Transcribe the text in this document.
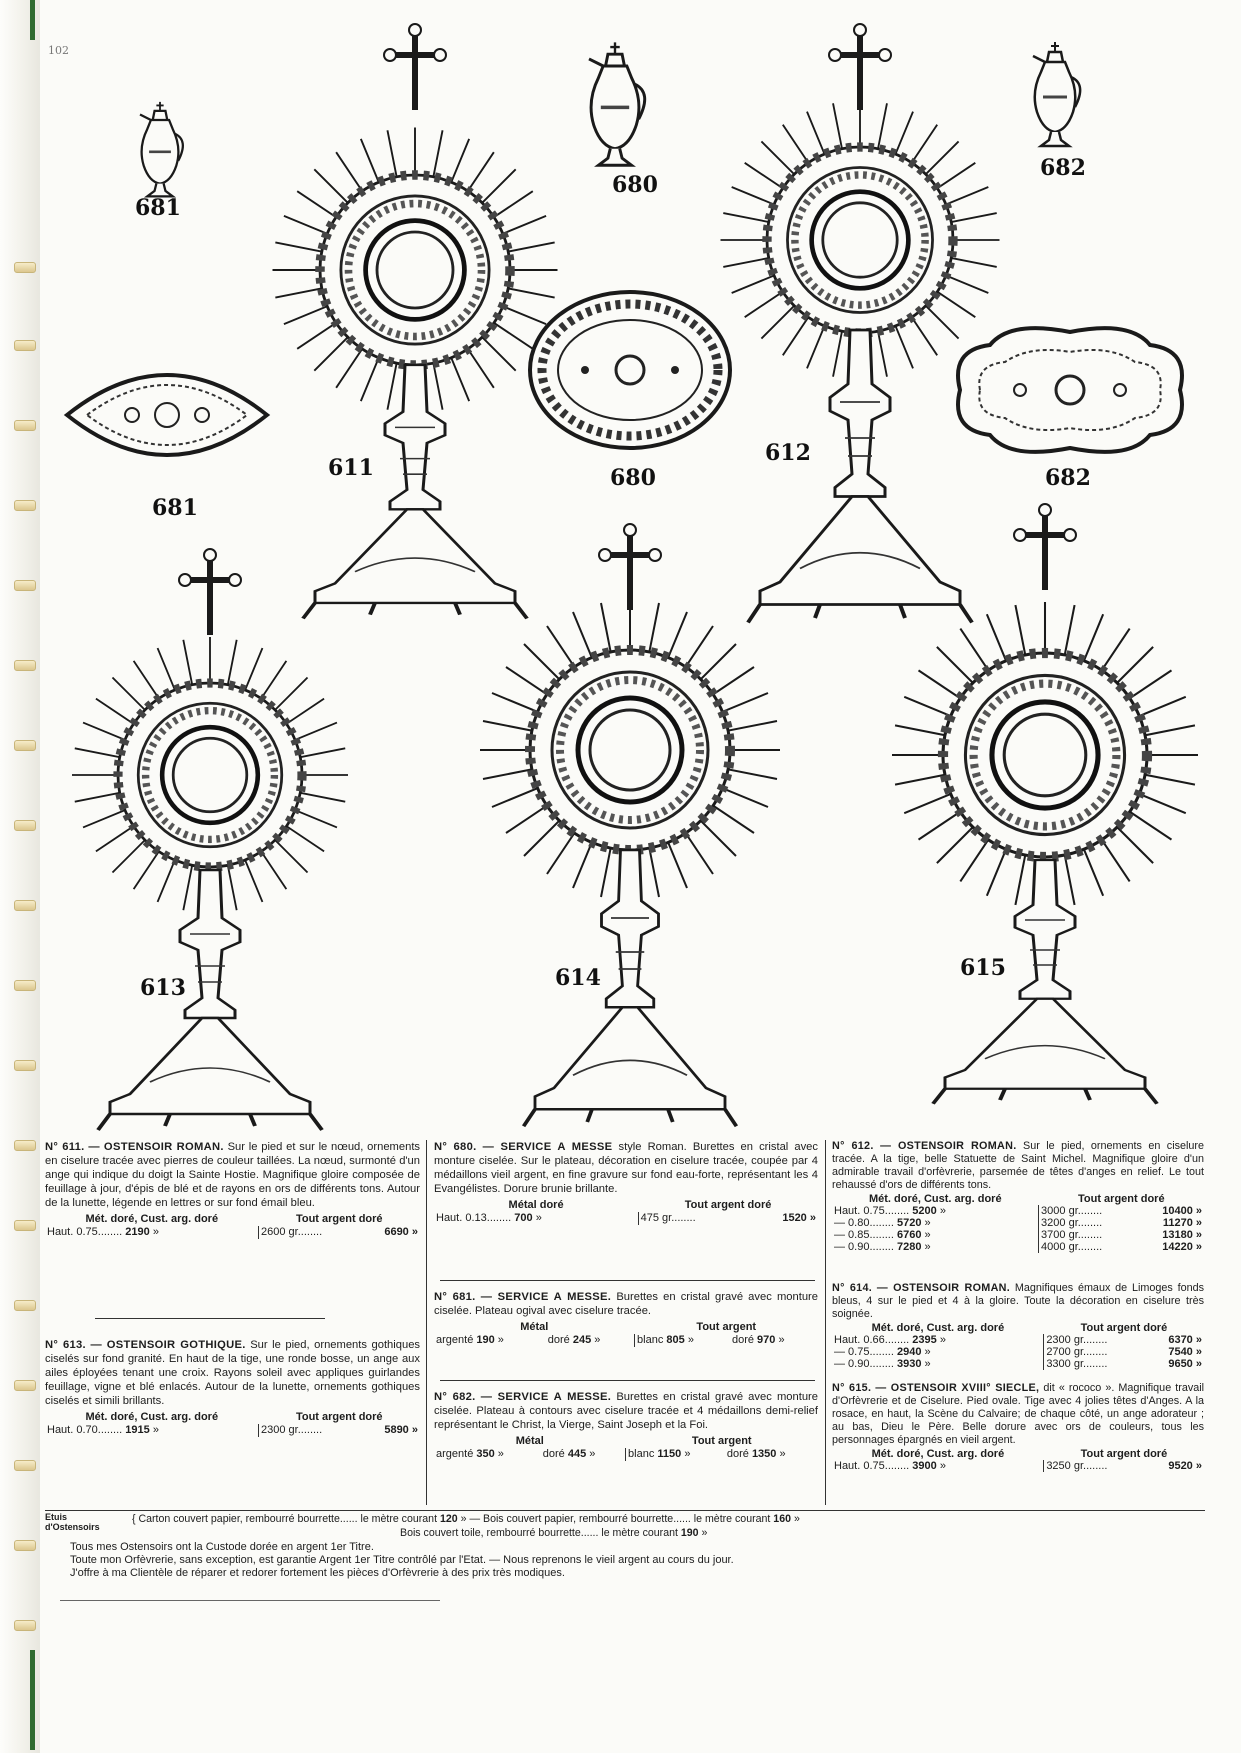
102
681
680
682
611
681
680
612
682
613	614	615

N° 611. — OSTENSOIR ROMAN. Sur le pied et sur le nœud, ornements en ciselure tracée avec pierres de couleur taillées. La nœud, surmonté d'un ange qui indique du doigt la Sainte Hostie. Magnifique gloire composée de feuillage à jour, d'épis de blé et de rayons en ors de différents tons. Autour de la lunette, légende en lettres or sur fond émail bleu.

Mét. doré, Cust. arg. doré	Tout argent doré	
Haut. 0.75........ 2190 »	2600 gr........	6690 »

N° 613. — OSTENSOIR GOTHIQUE. Sur le pied, ornements gothiques ciselés sur fond granité. En haut de la tige, une ronde bosse, un ange aux ailes éployées tenant une croix. Rayons soleil avec appliques guirlandes feuillage, vigne et blé enlacés. Autour de la lunette, ornements gothiques ciselés et simili brillants.

Mét. doré, Cust. arg. doré	Tout argent doré	
Haut. 0.70........ 1915 »	2300 gr........	5890 »

N° 680. — SERVICE A MESSE style Roman. Burettes en cristal avec monture ciselée. Sur le plateau, décoration en ciselure tracée, coupée par 4 médaillons vieil argent, en fine gravure sur fond eau-forte, représentant les 4 Evangélistes. Dorure brunie brillante.

Métal doré	Tout argent doré	
Haut. 0.13........ 700 »	475 gr........	1520 »

N° 681. — SERVICE A MESSE. Burettes en cristal gravé avec monture ciselée. Plateau ogival avec ciselure tracée.

Métal		Tout argent	
argenté 190 »	doré 245 »	blanc 805 »	doré 970 »

N° 682. — SERVICE A MESSE. Burettes en cristal gravé avec monture ciselée. Plateau à contours avec ciselure tracée et 4 médaillons demi-relief représentant le Christ, la Vierge, Saint Joseph et la Foi.

Métal		Tout argent	
argenté 350 »	doré 445 »	blanc 1150 »	doré 1350 »

N° 612. — OSTENSOIR ROMAN. Sur le pied, ornements en ciselure tracée. A la tige, belle Statuette de Saint Michel. Magnifique gloire d'un admirable travail d'orfèvrerie, parsemée de têtes d'anges en relief. Le tout rehaussé d'ors de différents tons.

Mét. doré, Cust. arg. doré	Tout argent doré	
Haut. 0.75........ 5200 »	3000 gr........	10400 »
— 0.80........ 5720 »	3200 gr........	11270 »
— 0.85........ 6760 »	3700 gr........	13180 »
— 0.90........ 7280 »	4000 gr........	14220 »

N° 614. — OSTENSOIR ROMAN. Magnifiques émaux de Limoges fonds bleus, 4 sur le pied et 4 à la gloire. Toute la décoration en ciselure très soignée.

Mét. doré, Cust. arg. doré	Tout argent doré	
Haut. 0.66........ 2395 »	2300 gr........	6370 »
— 0.75........ 2940 »	2700 gr........	7540 »
— 0.90........ 3930 »	3300 gr........	9650 »

N° 615. — OSTENSOIR XVIII° SIECLE, dit « rococo ». Magnifique travail d'Orfèvrerie et de Ciselure. Pied ovale. Tige avec 4 jolies têtes d'Anges. A la rosace, en haut, la Scène du Calvaire; de chaque côté, un ange adorateur ; au bas, Dieu le Père. Belle dorure avec ors de couleurs, tous les personnages épargnés en vieil argent.

Mét. doré, Cust. arg. doré	Tout argent doré	
Haut. 0.75........ 3900 »	3250 gr........	9520 »
Etuis
d'Ostensoirs
{ Carton couvert papier, rembourré bourrette...... le mètre courant 120 » — Bois couvert papier, rembourré bourrette...... le mètre courant 160 »
Bois couvert toile, rembourré bourrette...... le mètre courant 190 »
Tous mes Ostensoirs ont la Custode dorée en argent 1er Titre.
Toute mon Orfèvrerie, sans exception, est garantie Argent 1er Titre contrôlé par l'Etat. — Nous reprenons le vieil argent au cours du jour.
J'offre à ma Clientèle de réparer et redorer fortement les pièces d'Orfèvrerie à des prix très modiques.
